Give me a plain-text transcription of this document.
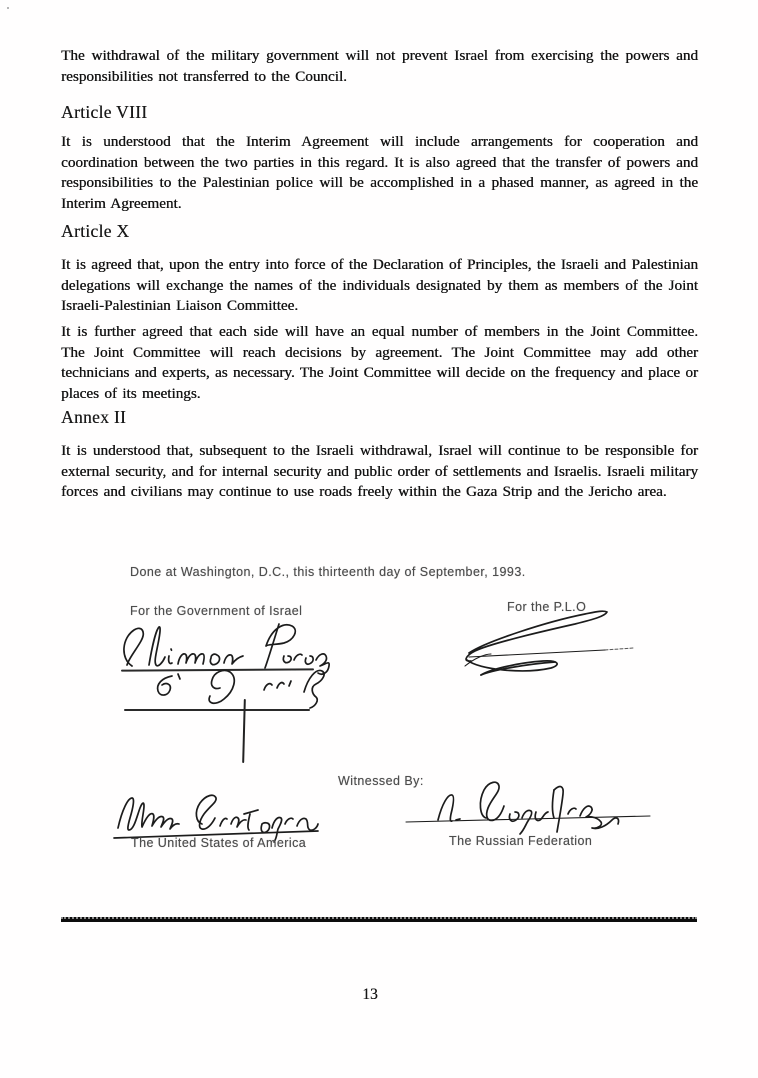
The withdrawal of the military government will not prevent Israel from exercising the powers and responsibilities not transferred to the Council.
Article VIII
It is understood that the Interim Agreement will include arrangements for cooperation and coordination between the two parties in this regard. It is also agreed that the transfer of powers and responsibilities to the Palestinian police will be accomplished in a phased manner, as agreed in the Interim Agreement.
Article X
It is agreed that, upon the entry into force of the Declaration of Principles, the Israeli and Palestinian delegations will exchange the names of the individuals designated by them as members of the Joint Israeli-Palestinian Liaison Committee.
It is further agreed that each side will have an equal number of members in the Joint Committee. The Joint Committee will reach decisions by agreement. The Joint Committee may add other technicians and experts, as necessary. The Joint Committee will decide on the frequency and place or places of its meetings.
Annex II
It is understood that, subsequent to the Israeli withdrawal, Israel will continue to be responsible for external security, and for internal security and public order of settlements and Israelis. Israeli military forces and civilians may continue to use roads freely within the Gaza Strip and the Jericho area.
Done at Washington, D.C., this thirteenth day of September, 1993.
For the Government of Israel	For the P.L.O
Witnessed By:
The United States of America	The Russian Federation
13
